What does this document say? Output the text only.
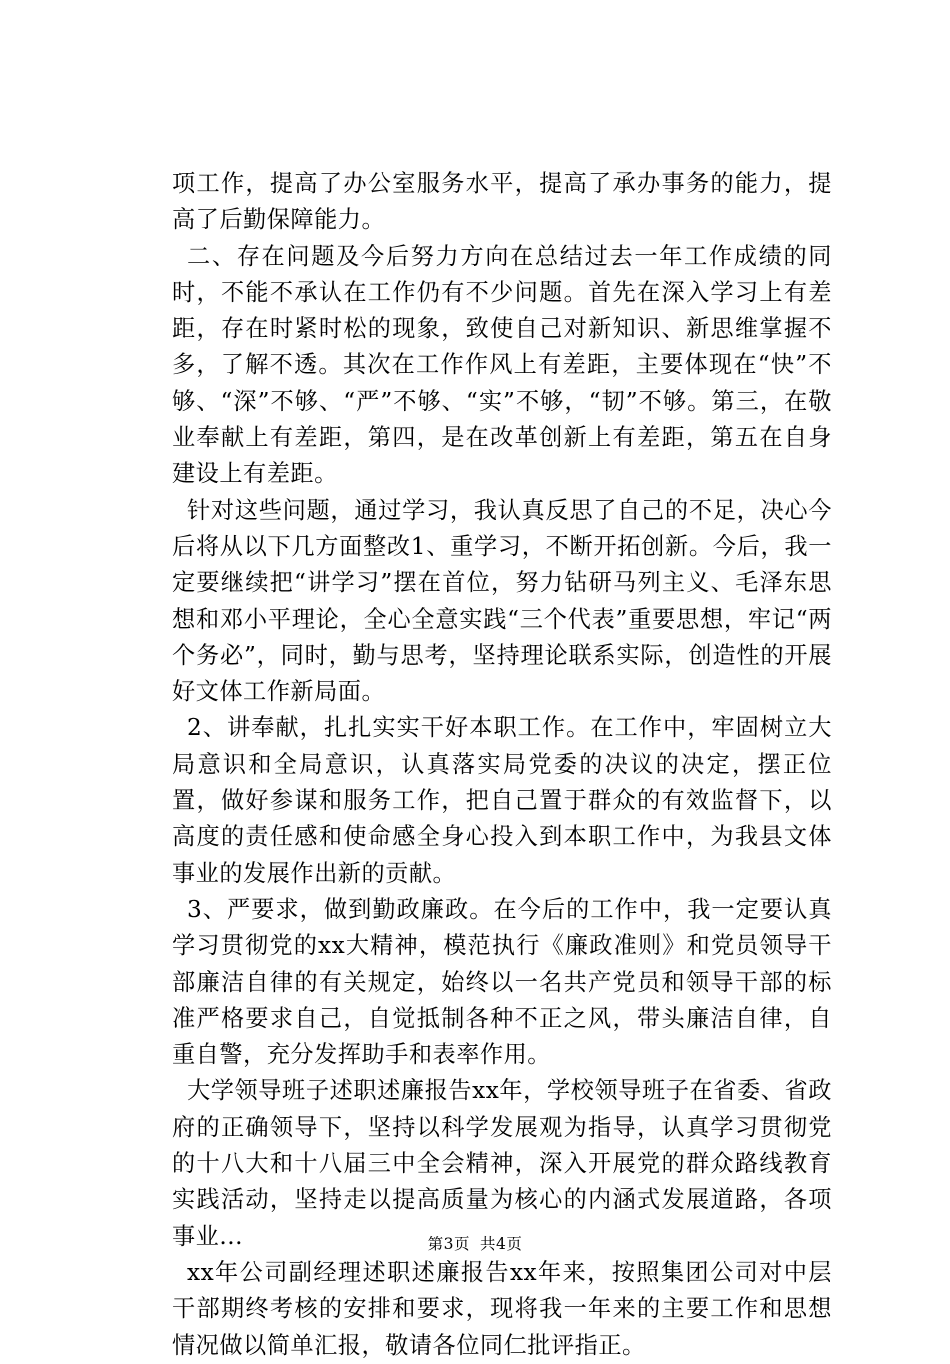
项工作，提高了办公室服务水平，提高了承办事务的能力，提高了后勤保障能力。

二、存在问题及今后努力方向在总结过去一年工作成绩的同时，不能不承认在工作仍有不少问题。首先在深入学习上有差距，存在时紧时松的现象，致使自己对新知识、新思维掌握不多，了解不透。其次在工作作风上有差距，主要体现在“快”不够、“深”不够、“严”不够、“实”不够，“韧”不够。第三，在敬业奉献上有差距，第四，是在改革创新上有差距，第五在自身建设上有差距。

针对这些问题，通过学习，我认真反思了自己的不足，决心今后将从以下几方面整改1、重学习，不断开拓创新。今后，我一定要继续把“讲学习”摆在首位，努力钻研马列主义、毛泽东思想和邓小平理论，全心全意实践“三个代表”重要思想，牢记“两个务必”，同时，勤与思考，坚持理论联系实际，创造性的开展好文体工作新局面。

2、讲奉献，扎扎实实干好本职工作。在工作中，牢固树立大局意识和全局意识，认真落实局党委的决议的决定，摆正位置，做好参谋和服务工作，把自己置于群众的有效监督下，以高度的责任感和使命感全身心投入到本职工作中，为我县文体事业的发展作出新的贡献。

3、严要求，做到勤政廉政。在今后的工作中，我一定要认真学习贯彻党的xx大精神，模范执行《廉政准则》和党员领导干部廉洁自律的有关规定，始终以一名共产党员和领导干部的标准严格要求自己，自觉抵制各种不正之风，带头廉洁自律，自重自警，充分发挥助手和表率作用。

大学领导班子述职述廉报告xx年，学校领导班子在省委、省政府的正确领导下，坚持以科学发展观为指导，认真学习贯彻党的十八大和十八届三中全会精神，深入开展党的群众路线教育实践活动，坚持走以提高质量为核心的内涵式发展道路，各项事业...

xx年公司副经理述职述廉报告xx年来，按照集团公司对中层干部期终考核的安排和要求，现将我一年来的主要工作和思想情况做以简单汇报，敬请各位同仁批评指正。

第3页 共4页
